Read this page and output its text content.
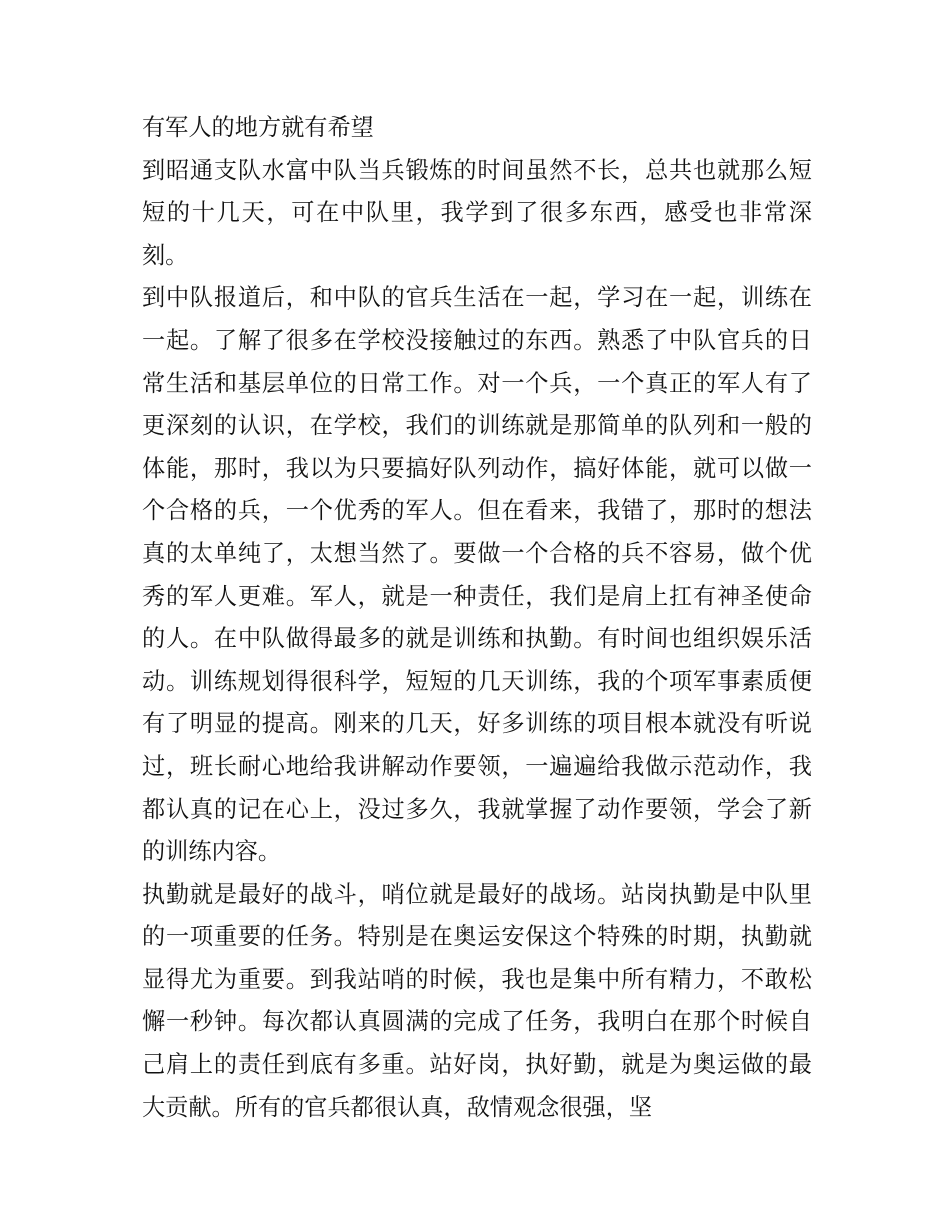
有军人的地方就有希望

到昭通支队水富中队当兵锻炼的时间虽然不长，总共也就那么短短的十几天，可在中队里，我学到了很多东西，感受也非常深刻。

到中队报道后，和中队的官兵生活在一起，学习在一起，训练在一起。了解了很多在学校没接触过的东西。熟悉了中队官兵的日常生活和基层单位的日常工作。对一个兵，一个真正的军人有了更深刻的认识，在学校，我们的训练就是那简单的队列和一般的体能，那时，我以为只要搞好队列动作，搞好体能，就可以做一个合格的兵，一个优秀的军人。但在看来，我错了，那时的想法真的太单纯了，太想当然了。要做一个合格的兵不容易，做个优秀的军人更难。军人，就是一种责任，我们是肩上扛有神圣使命的人。在中队做得最多的就是训练和执勤。有时间也组织娱乐活动。训练规划得很科学，短短的几天训练，我的个项军事素质便有了明显的提高。刚来的几天，好多训练的项目根本就没有听说过，班长耐心地给我讲解动作要领，一遍遍给我做示范动作，我都认真的记在心上，没过多久，我就掌握了动作要领，学会了新的训练内容。

执勤就是最好的战斗，哨位就是最好的战场。站岗执勤是中队里的一项重要的任务。特别是在奥运安保这个特殊的时期，执勤就显得尤为重要。到我站哨的时候，我也是集中所有精力，不敢松懈一秒钟。每次都认真圆满的完成了任务，我明白在那个时候自己肩上的责任到底有多重。站好岗，执好勤，就是为奥运做的最大贡献。所有的官兵都很认真，敌情观念很强，坚
